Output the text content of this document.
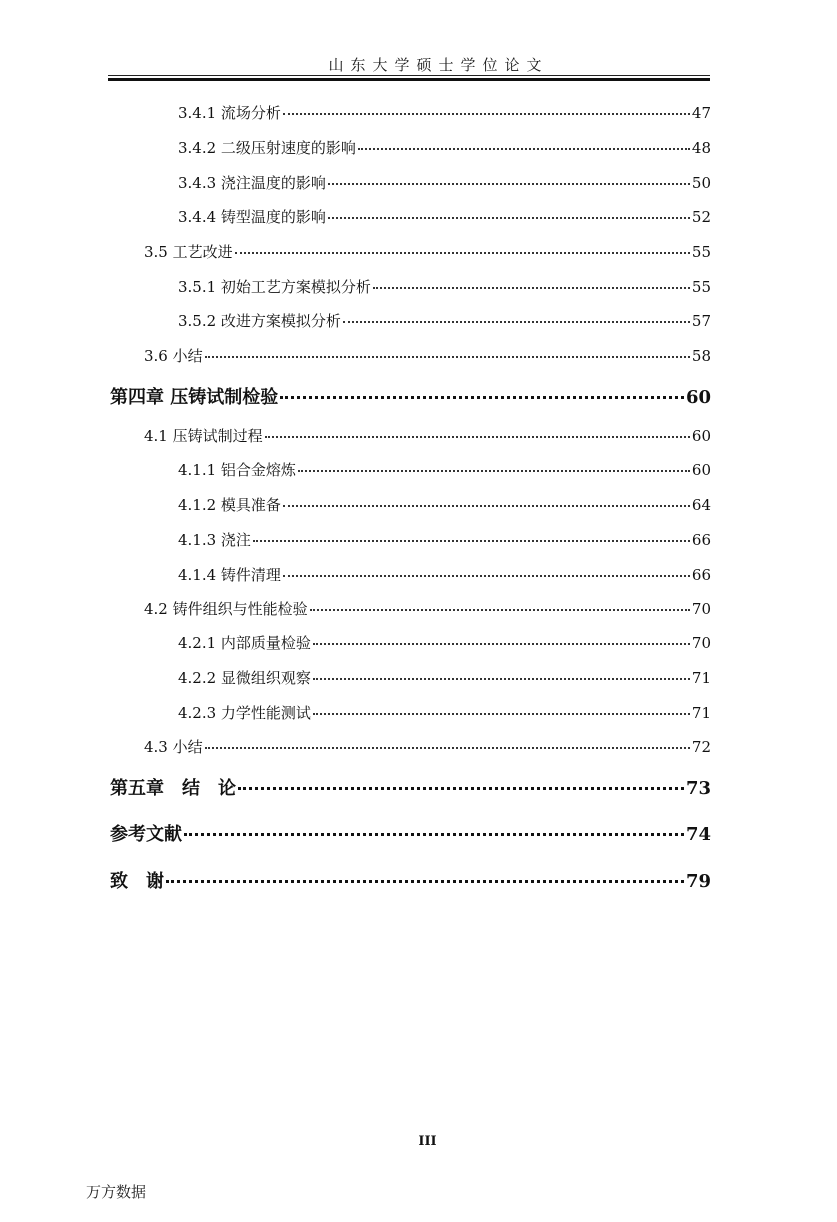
山东大学硕士学位论文
3.4.1 流场分析	47
3.4.2 二级压射速度的影响	48
3.4.3 浇注温度的影响	50
3.4.4 铸型温度的影响	52
3.5 工艺改进	55
3.5.1 初始工艺方案模拟分析	55
3.5.2 改进方案模拟分析	57
3.6 小结	58
第四章 压铸试制检验	60
4.1 压铸试制过程	60
4.1.1 铝合金熔炼	60
4.1.2 模具准备	64
4.1.3 浇注	66
4.1.4 铸件清理	66
4.2 铸件组织与性能检验	70
4.2.1 内部质量检验	70
4.2.2 显微组织观察	71
4.2.3 力学性能测试	71
4.3 小结	72
第五章　结　论	73
参考文献	74
致　谢	79
III
万方数据
